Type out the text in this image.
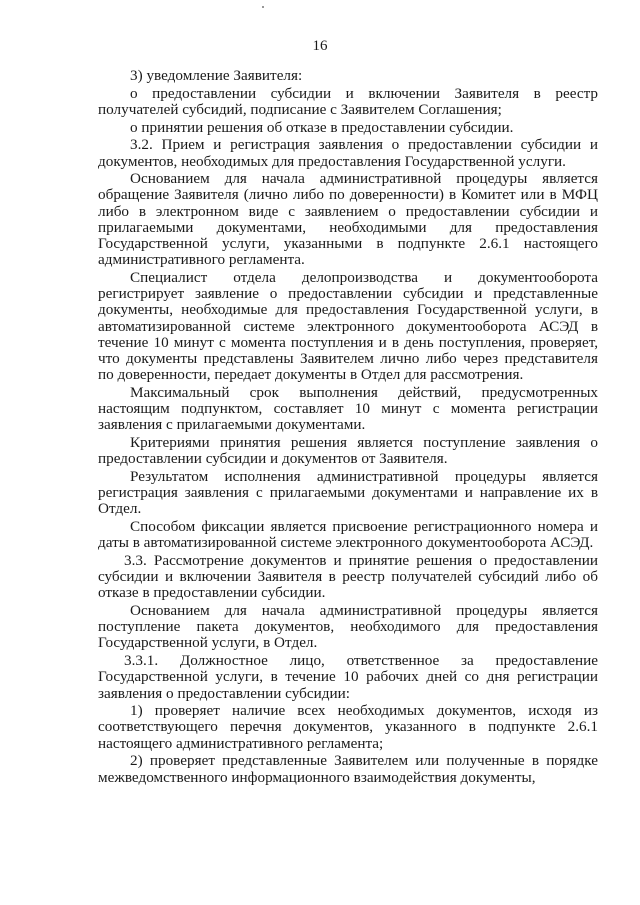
16

3) уведомление Заявителя:

о предоставлении субсидии и включении Заявителя в реестр получателей субсидий, подписание с Заявителем Соглашения;

о принятии решения об отказе в предоставлении субсидии.

3.2. Прием и регистрация заявления о предоставлении субсидии и документов, необходимых для предоставления Государственной услуги.

Основанием для начала административной процедуры является обращение Заявителя (лично либо по доверенности) в Комитет или в МФЦ либо в электронном виде с заявлением о предоставлении субсидии и прилагаемыми документами, необходимыми для предоставления Государственной услуги, указанными в подпункте 2.6.1 настоящего административного регламента.

Специалист отдела делопроизводства и документооборота регистрирует заявление о предоставлении субсидии и представленные документы, необходимые для предоставления Государственной услуги, в автоматизированной системе электронного документооборота АСЭД в течение 10 минут с момента поступления и в день поступления, проверяет, что документы представлены Заявителем лично либо через представителя по доверенности, передает документы в Отдел для рассмотрения.

Максимальный срок выполнения действий, предусмотренных настоящим подпунктом, составляет 10 минут с момента регистрации заявления с прилагаемыми документами.

Критериями принятия решения является поступление заявления о предоставлении субсидии и документов от Заявителя.

Результатом исполнения административной процедуры является регистрация заявления с прилагаемыми документами и направление их в Отдел.

Способом фиксации является присвоение регистрационного номера и даты в автоматизированной системе электронного документооборота АСЭД.

3.3. Рассмотрение документов и принятие решения о предоставлении субсидии и включении Заявителя в реестр получателей субсидий либо об отказе в предоставлении субсидии.

Основанием для начала административной процедуры является поступление пакета документов, необходимого для предоставления Государственной услуги, в Отдел.

3.3.1. Должностное лицо, ответственное за предоставление Государственной услуги, в течение 10 рабочих дней со дня регистрации заявления о предоставлении субсидии:

1) проверяет наличие всех необходимых документов, исходя из соответствующего перечня документов, указанного в подпункте 2.6.1 настоящего административного регламента;

2) проверяет представленные Заявителем или полученные в порядке межведомственного информационного взаимодействия документы,
